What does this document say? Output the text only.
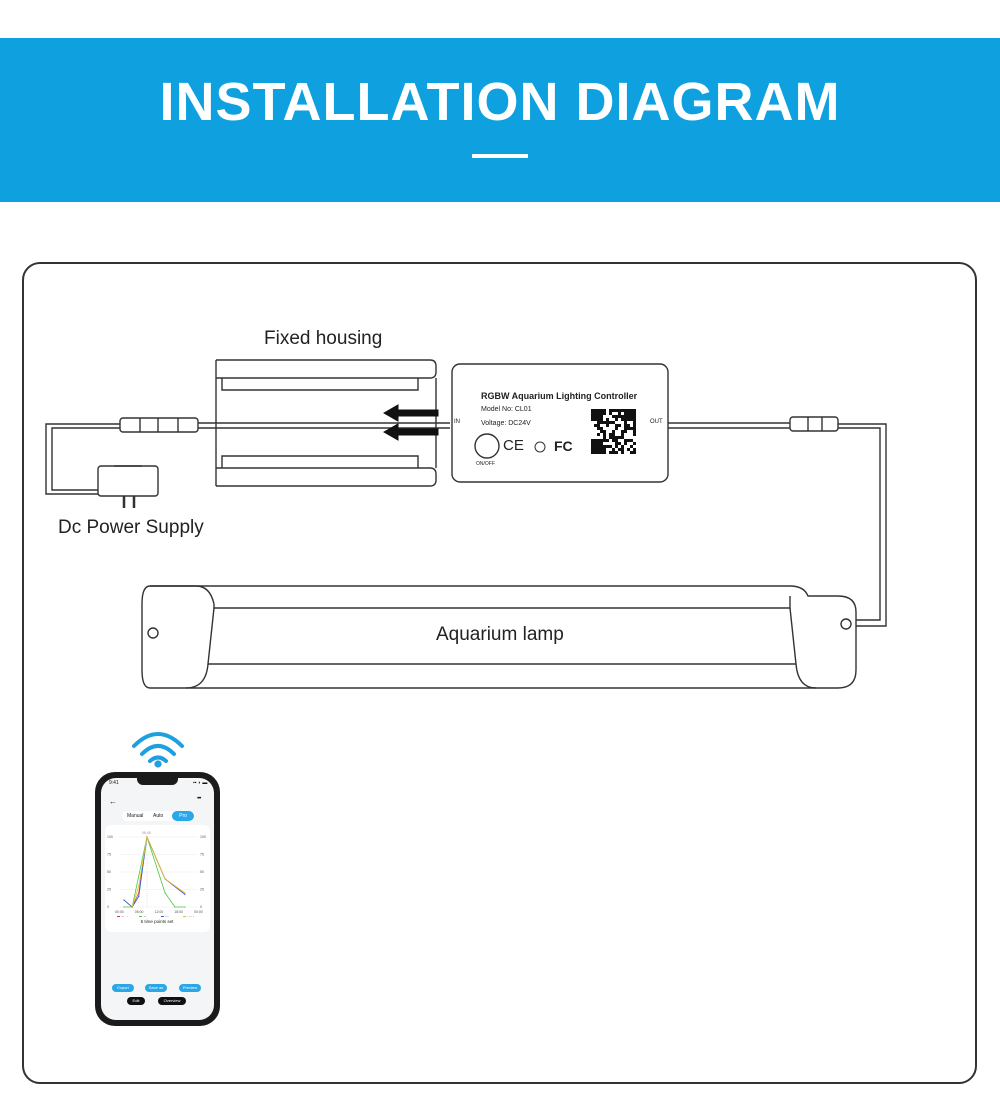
INSTALLATION DIAGRAM
Fixed housing
Dc Power Supply
Aquarium lamp
RGBW Aquarium Lighting Controller
Model No: CL01
Voltage: DC24V
IN	OUT
ON/OFF
CE FC
9:41	▪▪ ◗ ▬
←	•••
Manual Auto	Pro
08:45
0	0
25	25
50	50
75	75
100	100
00:00	06:00	12:00	18:00	00:00
5 time points set
Export	Save as	Preview
Edit	Overview
